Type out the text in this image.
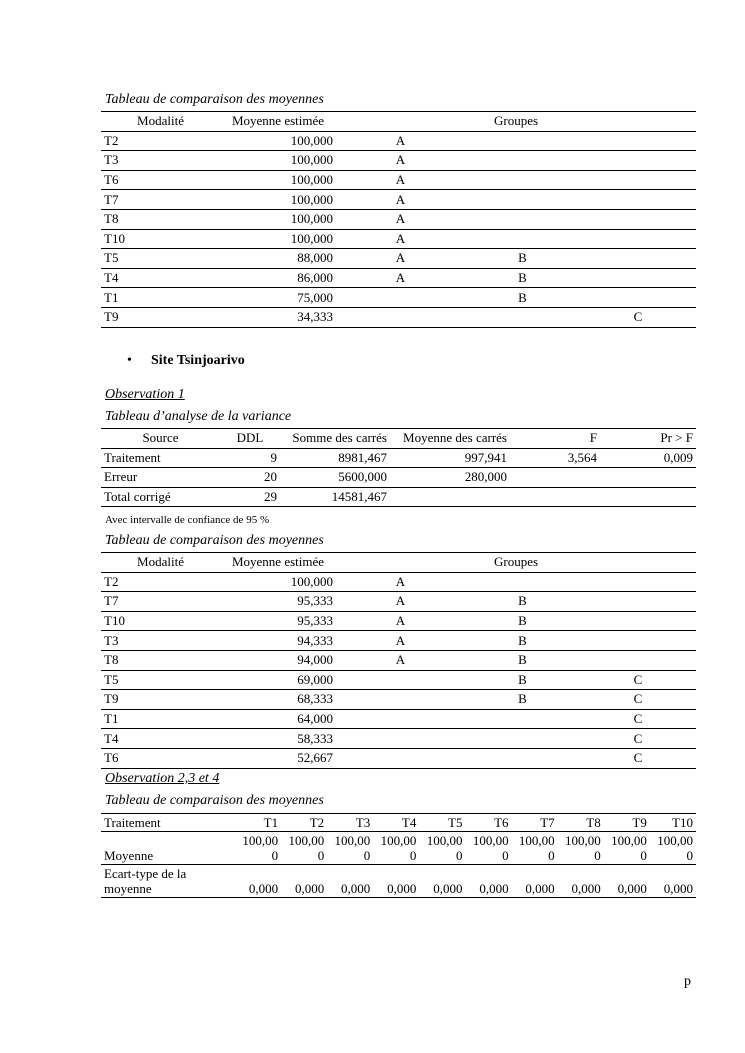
Tableau de comparaison des moyennes
Modalité	Moyenne estimée	Groupes		
T2	100,000	A		
T3	100,000	A		
T6	100,000	A		
T7	100,000	A		
T8	100,000	A		
T10	100,000	A		
T5	88,000	A	B	
T4	86,000	A	B	
T1	75,000		B	
T9	34,333			C
• Site Tsinjoarivo
Observation 1
Tableau d’analyse de la variance
Source	DDL	Somme des carrés	Moyenne des carrés	F	Pr > F
Traitement	9	8981,467	997,941	3,564	0,009
Erreur	20	5600,000	280,000		
Total corrigé	29	14581,467			
Avec intervalle de confiance de 95 %
Tableau de comparaison des moyennes
Modalité	Moyenne estimée	Groupes		
T2	100,000	A		
T7	95,333	A	B	
T10	95,333	A	B	
T3	94,333	A	B	
T8	94,000	A	B	
T5	69,000		B	C
T9	68,333		B	C
T1	64,000			C
T4	58,333			C
T6	52,667			C
Observation 2,3 et 4
Tableau de comparaison des moyennes
Traitement	T1	T2	T3	T4	T5	T6	T7	T8	T9	T10
Moyenne	100,000	100,000	100,000	100,000	100,000	100,000	100,000	100,000	100,000	100,000
Ecart-type de la moyenne	0,000	0,000	0,000	0,000	0,000	0,000	0,000	0,000	0,000	0,000
p
